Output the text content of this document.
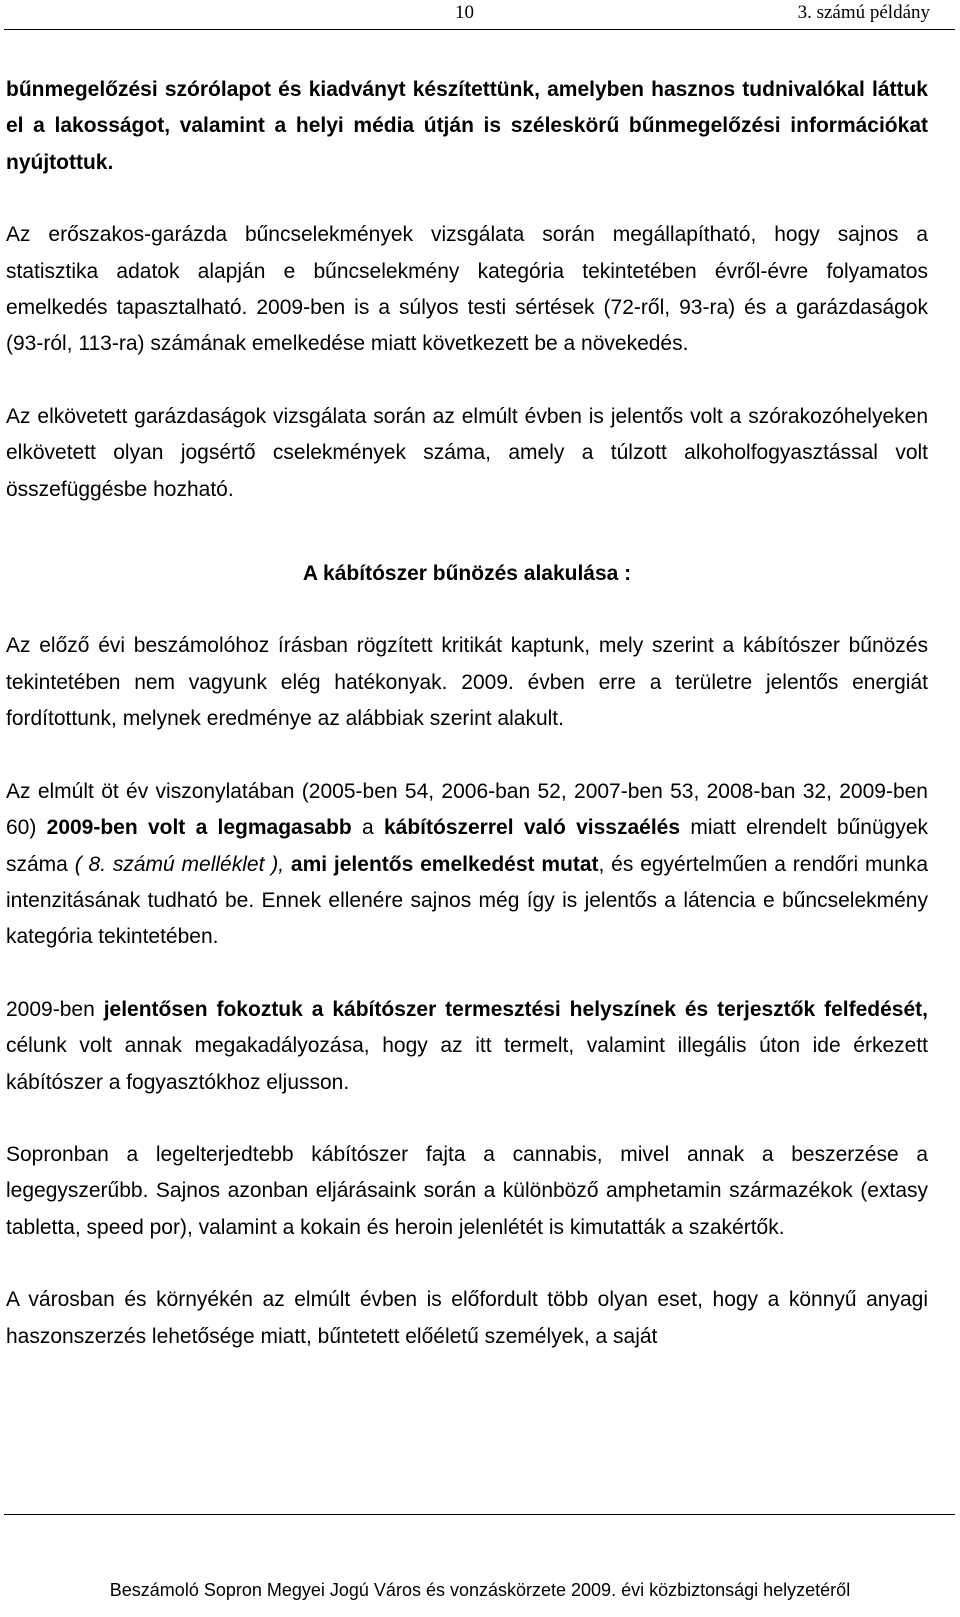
10	3. számú példány

bűnmegelőzési szórólapot és kiadványt készítettünk, amelyben hasznos tudnivalókal láttuk el a lakosságot, valamint a helyi média útján is széleskörű bűnmegelőzési információkat nyújtottuk.

Az erőszakos-garázda bűncselekmények vizsgálata során megállapítható, hogy sajnos a statisztika adatok alapján e bűncselekmény kategória tekintetében évről-évre folyamatos emelkedés tapasztalható. 2009-ben is a súlyos testi sértések (72-ről, 93-ra) és a garázdaságok (93-ról, 113-ra) számának emelkedése miatt következett be a növekedés.

Az elkövetett garázdaságok vizsgálata során az elmúlt évben is jelentős volt a szórakozóhelyeken elkövetett olyan jogsértő cselekmények száma, amely a túlzott alkoholfogyasztással volt összefüggésbe hozható.

A kábítószer bűnözés alakulása :

Az előző évi beszámolóhoz írásban rögzített kritikát kaptunk, mely szerint a kábítószer bűnözés tekintetében nem vagyunk elég hatékonyak. 2009. évben erre a területre jelentős energiát fordítottunk, melynek eredménye az alábbiak szerint alakult.

Az elmúlt öt év viszonylatában (2005-ben 54, 2006-ban 52, 2007-ben 53, 2008-ban 32, 2009-ben 60) 2009-ben volt a legmagasabb a kábítószerrel való visszaélés miatt elrendelt bűnügyek száma ( 8. számú melléklet ), ami jelentős emelkedést mutat, és egyértelműen a rendőri munka intenzitásának tudható be. Ennek ellenére sajnos még így is jelentős a látencia e bűncselekmény kategória tekintetében.

2009-ben jelentősen fokoztuk a kábítószer termesztési helyszínek és terjesztők felfedését, célunk volt annak megakadályozása, hogy az itt termelt, valamint illegális úton ide érkezett kábítószer a fogyasztókhoz eljusson.

Sopronban a legelterjedtebb kábítószer fajta a cannabis, mivel annak a beszerzése a legegyszerűbb. Sajnos azonban eljárásaink során a különböző amphetamin származékok (extasy tabletta, speed por), valamint a kokain és heroin jelenlétét is kimutatták a szakértők.

A városban és környékén az elmúlt évben is előfordult több olyan eset, hogy a könnyű anyagi haszonszerzés lehetősége miatt, bűntetett előéletű személyek, a saját

Beszámoló Sopron Megyei Jogú Város és vonzáskörzete 2009. évi közbiztonsági helyzetéről
